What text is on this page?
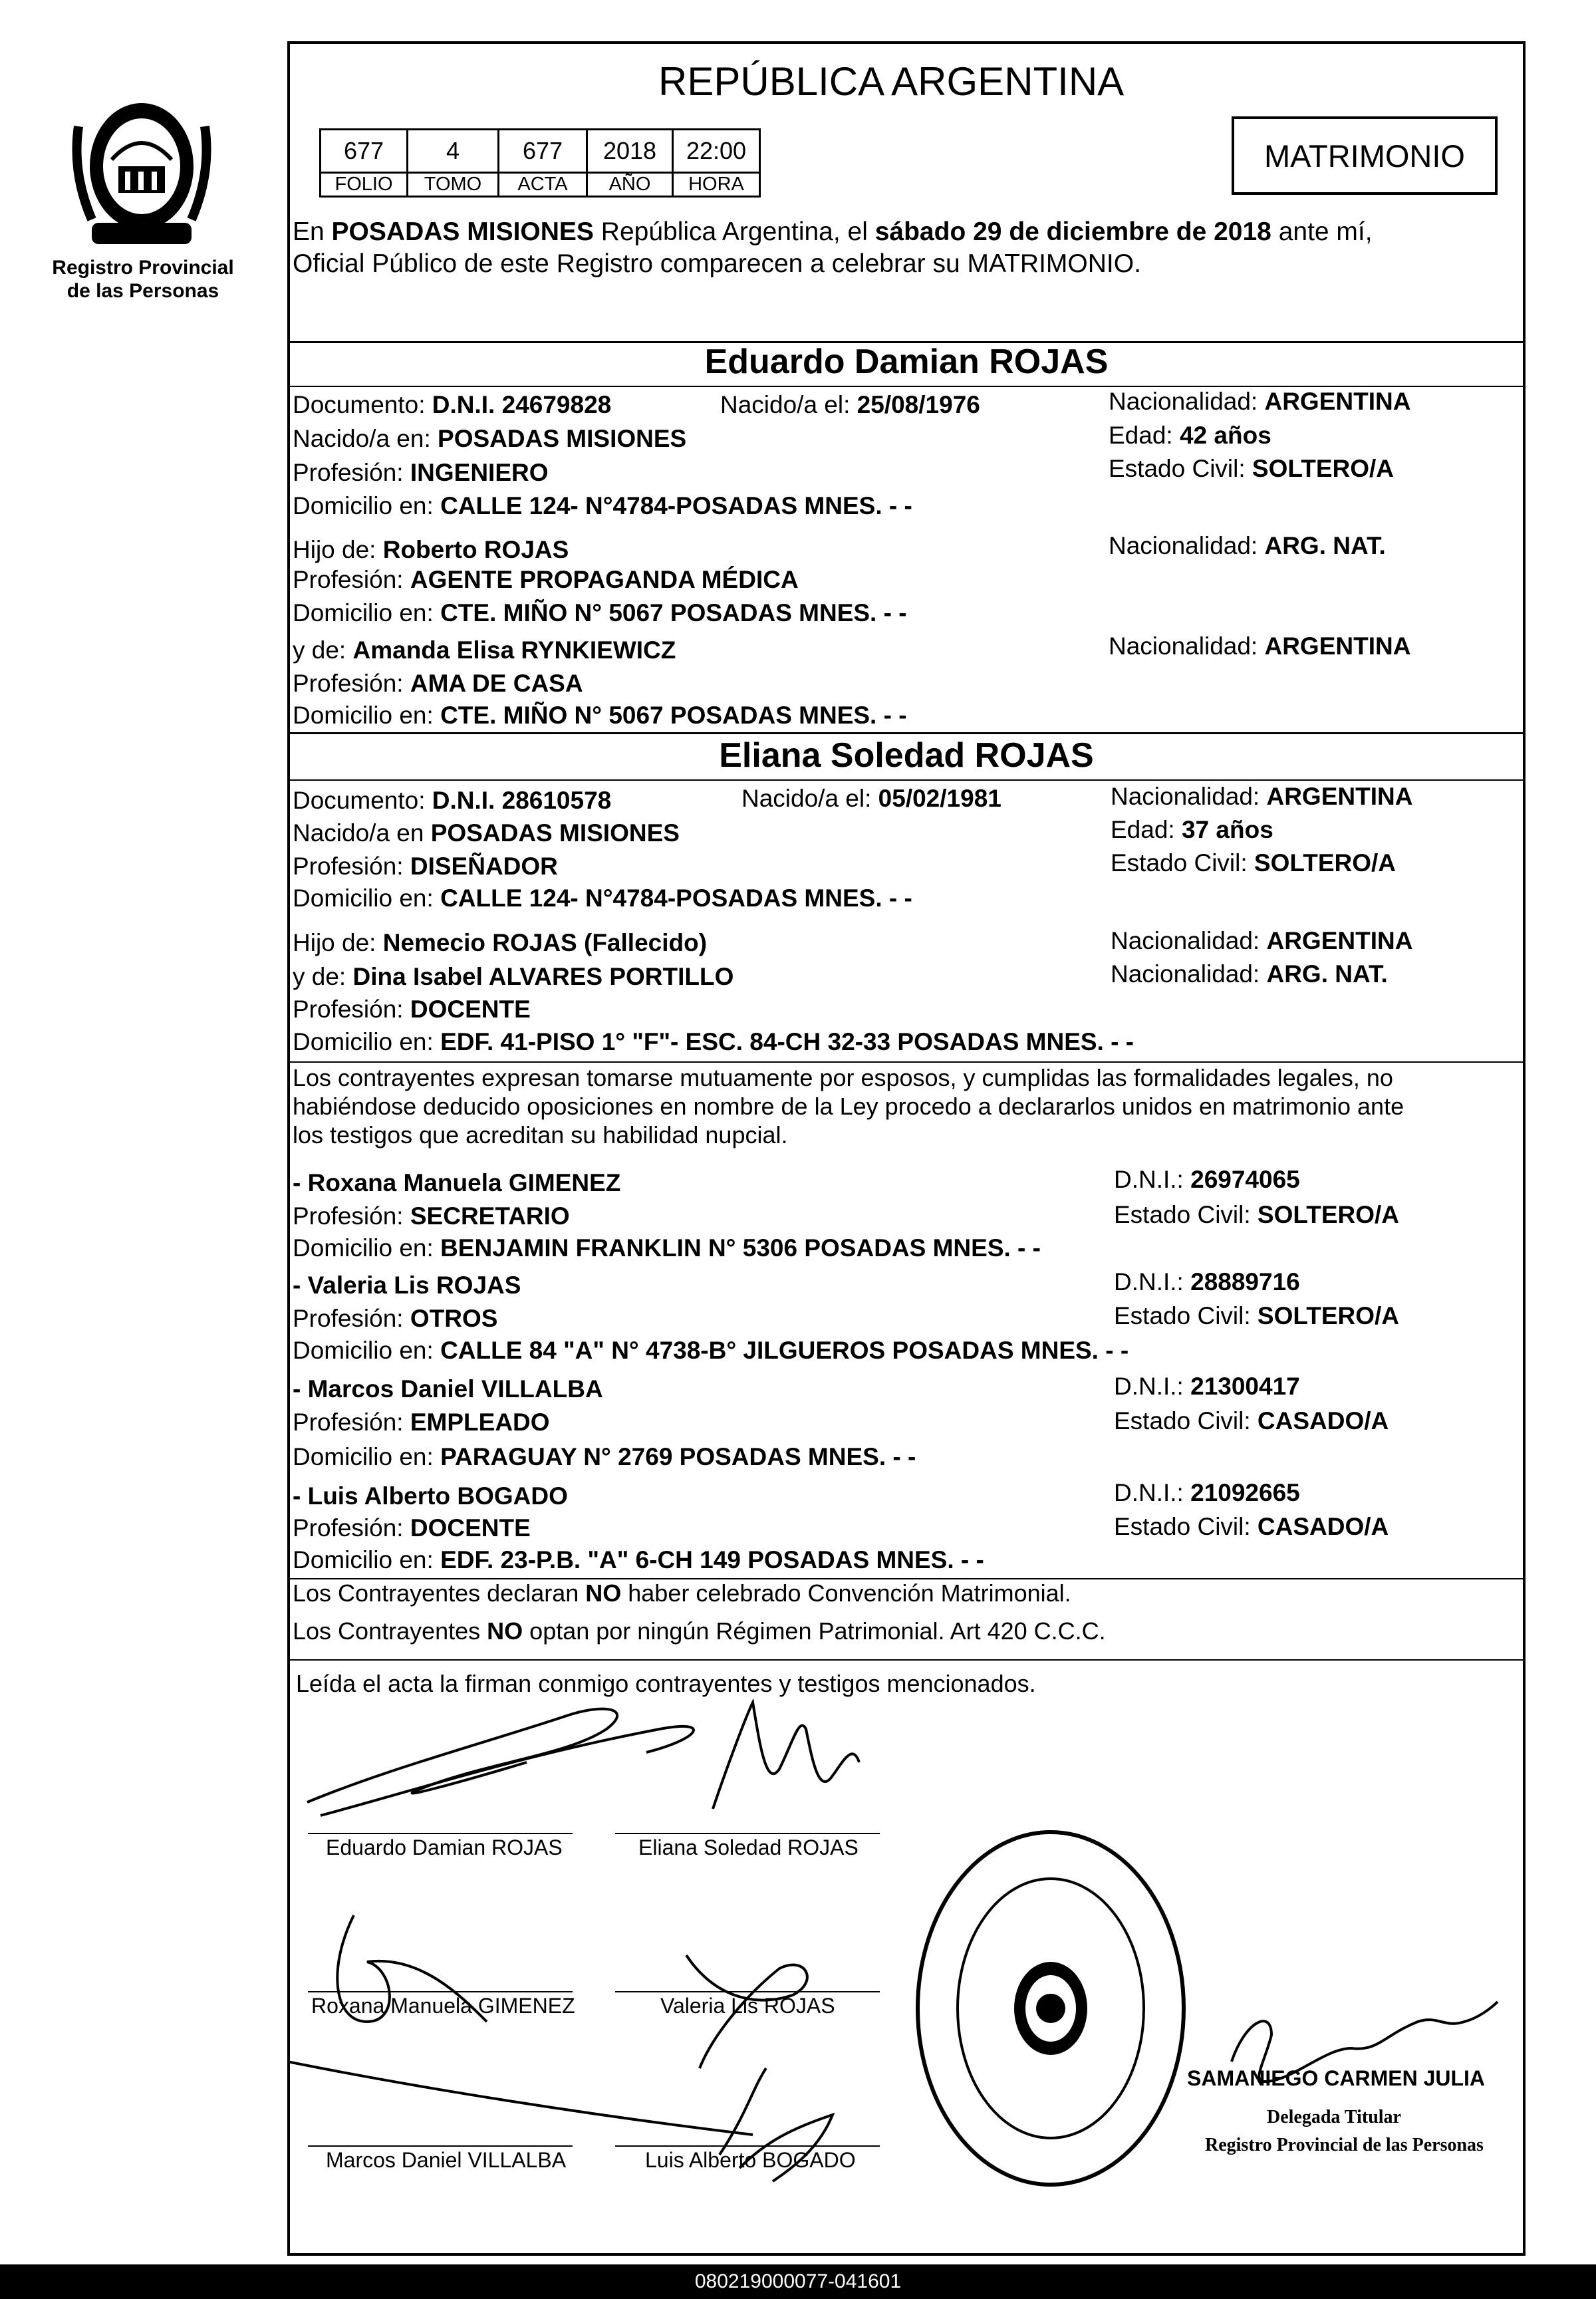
Registro Provincial
de las Personas
REPÚBLICA ARGENTINA
MATRIMONIO
677	4	677	2018	22:00
FOLIO	TOMO	ACTA	AÑO	HORA
En POSADAS MISIONES República Argentina, el sábado 29 de diciembre de 2018 ante mí,
Oficial Público de este Registro comparecen a celebrar su MATRIMONIO.
Eduardo Damian ROJAS
Documento: D.N.I. 24679828	Nacido/a el: 25/08/1976	Nacionalidad: ARGENTINA
Nacido/a en: POSADAS MISIONES	Edad: 42 años
Profesión: INGENIERO	Estado Civil: SOLTERO/A
Domicilio en: CALLE 124- N°4784-POSADAS MNES. - -
Hijo de: Roberto ROJAS	Nacionalidad: ARG. NAT.
Profesión: AGENTE PROPAGANDA MÉDICA
Domicilio en: CTE. MIÑO N° 5067 POSADAS MNES. - -
y de: Amanda Elisa RYNKIEWICZ	Nacionalidad: ARGENTINA
Profesión: AMA DE CASA
Domicilio en: CTE. MIÑO N° 5067 POSADAS MNES. - -
Eliana Soledad ROJAS
Documento: D.N.I. 28610578	Nacido/a el: 05/02/1981	Nacionalidad: ARGENTINA
Nacido/a en POSADAS MISIONES	Edad: 37 años
Profesión: DISEÑADOR	Estado Civil: SOLTERO/A
Domicilio en: CALLE 124- N°4784-POSADAS MNES. - -
Hijo de: Nemecio ROJAS (Fallecido)	Nacionalidad: ARGENTINA
y de: Dina Isabel ALVARES PORTILLO	Nacionalidad: ARG. NAT.
Profesión: DOCENTE
Domicilio en: EDF. 41-PISO 1° "F"- ESC. 84-CH 32-33 POSADAS MNES. - -
Los contrayentes expresan tomarse mutuamente por esposos, y cumplidas las formalidades legales, no
habiéndose deducido oposiciones en nombre de la Ley procedo a declararlos unidos en matrimonio ante
los testigos que acreditan su habilidad nupcial.
- Roxana Manuela GIMENEZ	D.N.I.: 26974065
Profesión: SECRETARIO	Estado Civil: SOLTERO/A
Domicilio en: BENJAMIN FRANKLIN N° 5306 POSADAS MNES. - -
- Valeria Lis ROJAS	D.N.I.: 28889716
Profesión: OTROS	Estado Civil: SOLTERO/A
Domicilio en: CALLE 84 "A" N° 4738-B° JILGUEROS POSADAS MNES. - -
- Marcos Daniel VILLALBA	D.N.I.: 21300417
Profesión: EMPLEADO	Estado Civil: CASADO/A
Domicilio en: PARAGUAY N° 2769 POSADAS MNES. - -
- Luis Alberto BOGADO	D.N.I.: 21092665
Profesión: DOCENTE	Estado Civil: CASADO/A
Domicilio en: EDF. 23-P.B. "A" 6-CH 149 POSADAS MNES. - -
Los Contrayentes declaran NO haber celebrado Convención Matrimonial.
Los Contrayentes NO optan por ningún Régimen Patrimonial. Art 420 C.C.C.
Leída el acta la firman conmigo contrayentes y testigos mencionados.
Eduardo Damian ROJAS	Eliana Soledad ROJAS
Roxana Manuela GIMENEZ	Valeria Lis ROJAS
Marcos Daniel VILLALBA	Luis Alberto BOGADO
SAMANIEGO CARMEN JULIA
Delegada Titular
Registro Provincial de las Personas
080219000077-041601
